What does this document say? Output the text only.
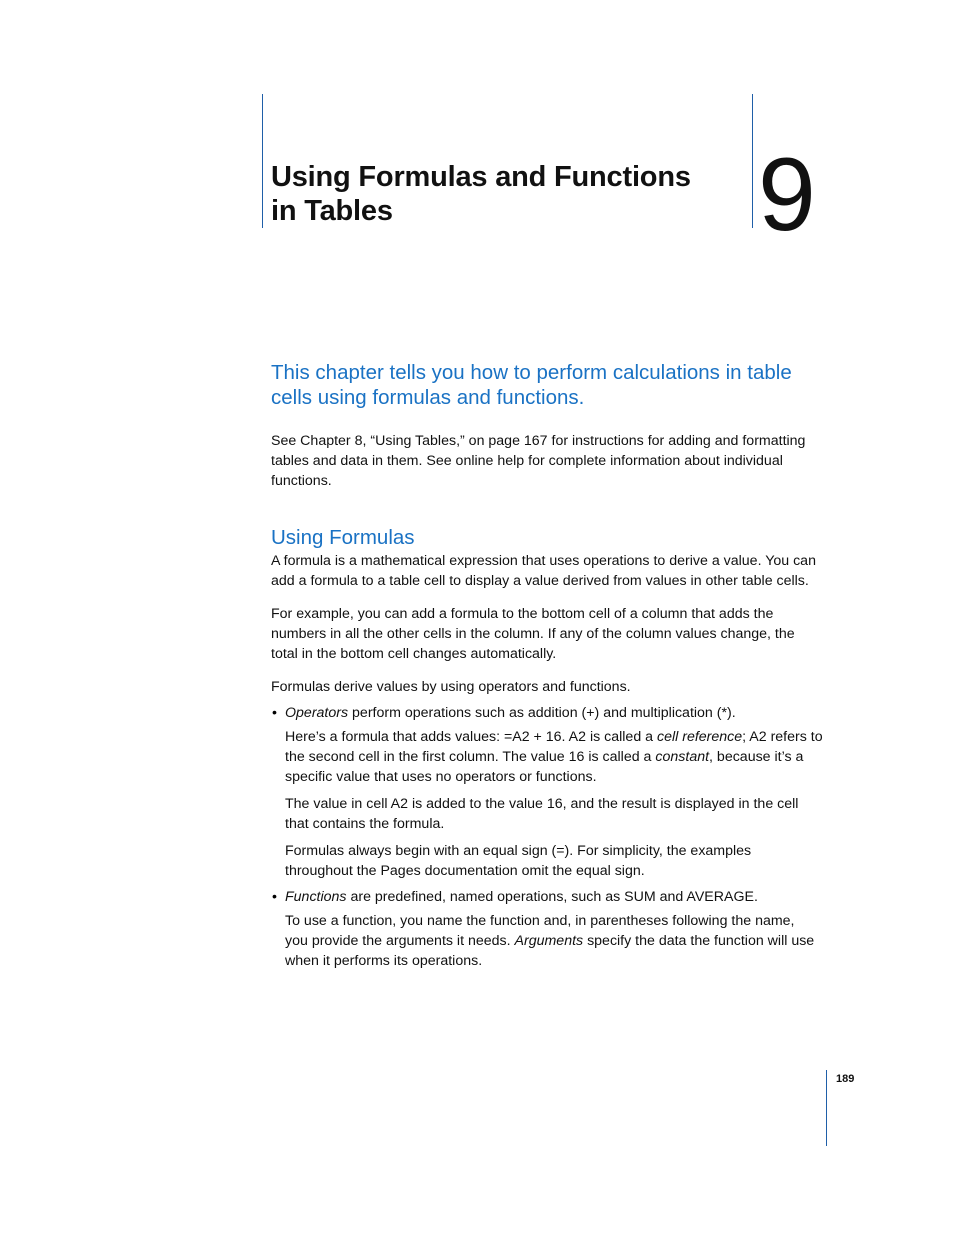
Using Formulas and Functions
in Tables	9
This chapter tells you how to perform calculations in table
cells using formulas and functions.
See Chapter 8, “Using Tables,” on page 167 for instructions for adding and formatting
tables and data in them. See online help for complete information about individual
functions.
Using Formulas
A formula is a mathematical expression that uses operations to derive a value. You can
add a formula to a table cell to display a value derived from values in other table cells.
For example, you can add a formula to the bottom cell of a column that adds the
numbers in all the other cells in the column. If any of the column values change, the
total in the bottom cell changes automatically.
Formulas derive values by using operators and functions.
• Operators perform operations such as addition (+) and multiplication (*).
Here’s a formula that adds values: =A2 + 16. A2 is called a cell reference; A2 refers to
the second cell in the first column. The value 16 is called a constant, because it’s a
specific value that uses no operators or functions.
The value in cell A2 is added to the value 16, and the result is displayed in the cell
that contains the formula.
Formulas always begin with an equal sign (=). For simplicity, the examples
throughout the Pages documentation omit the equal sign.
• Functions are predefined, named operations, such as SUM and AVERAGE.
To use a function, you name the function and, in parentheses following the name,
you provide the arguments it needs. Arguments specify the data the function will use
when it performs its operations.
189
